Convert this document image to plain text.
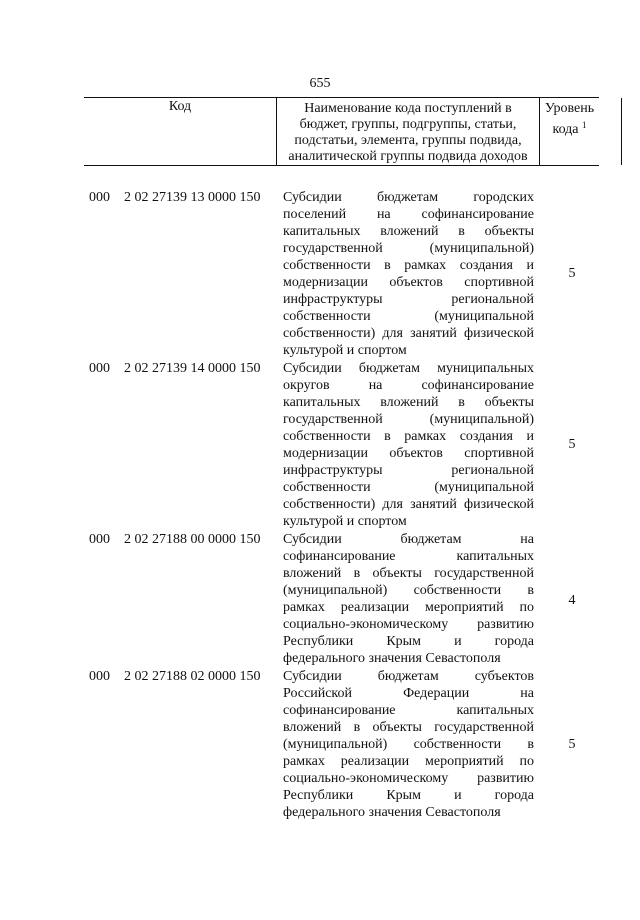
655
Код	Наименование кода поступлений в
бюджет, группы, подгруппы, статьи,
подстатьи, элемента, группы подвида,
аналитической группы подвида доходов
Уровень
кода $^1$
000 2 02 27139 13 0000 150 Субсидии бюджетам городских
поселений на софинансирование
капитальных вложений в объекты
государственной (муниципальной)
собственности в рамках создания и
модернизации объектов спортивной
инфраструктуры региональной
собственности (муниципальной
собственности) для занятий физической
культурой и спортом
5
000 2 02 27139 14 0000 150 Субсидии бюджетам муниципальных
округов на софинансирование
капитальных вложений в объекты
государственной (муниципальной)
собственности в рамках создания и
модернизации объектов спортивной
инфраструктуры региональной
собственности (муниципальной
собственности) для занятий физической
культурой и спортом
5
000 2 02 27188 00 0000 150 Субсидии бюджетам на
софинансирование капитальных
вложений в объекты государственной
(муниципальной) собственности в
рамках реализации мероприятий по
социально-экономическому развитию
Республики Крым и города
федерального значения Севастополя
4
000 2 02 27188 02 0000 150 Субсидии бюджетам субъектов
Российской Федерации на
софинансирование капитальных
вложений в объекты государственной
(муниципальной) собственности в
рамках реализации мероприятий по
социально-экономическому развитию
Республики Крым и города
федерального значения Севастополя
5
